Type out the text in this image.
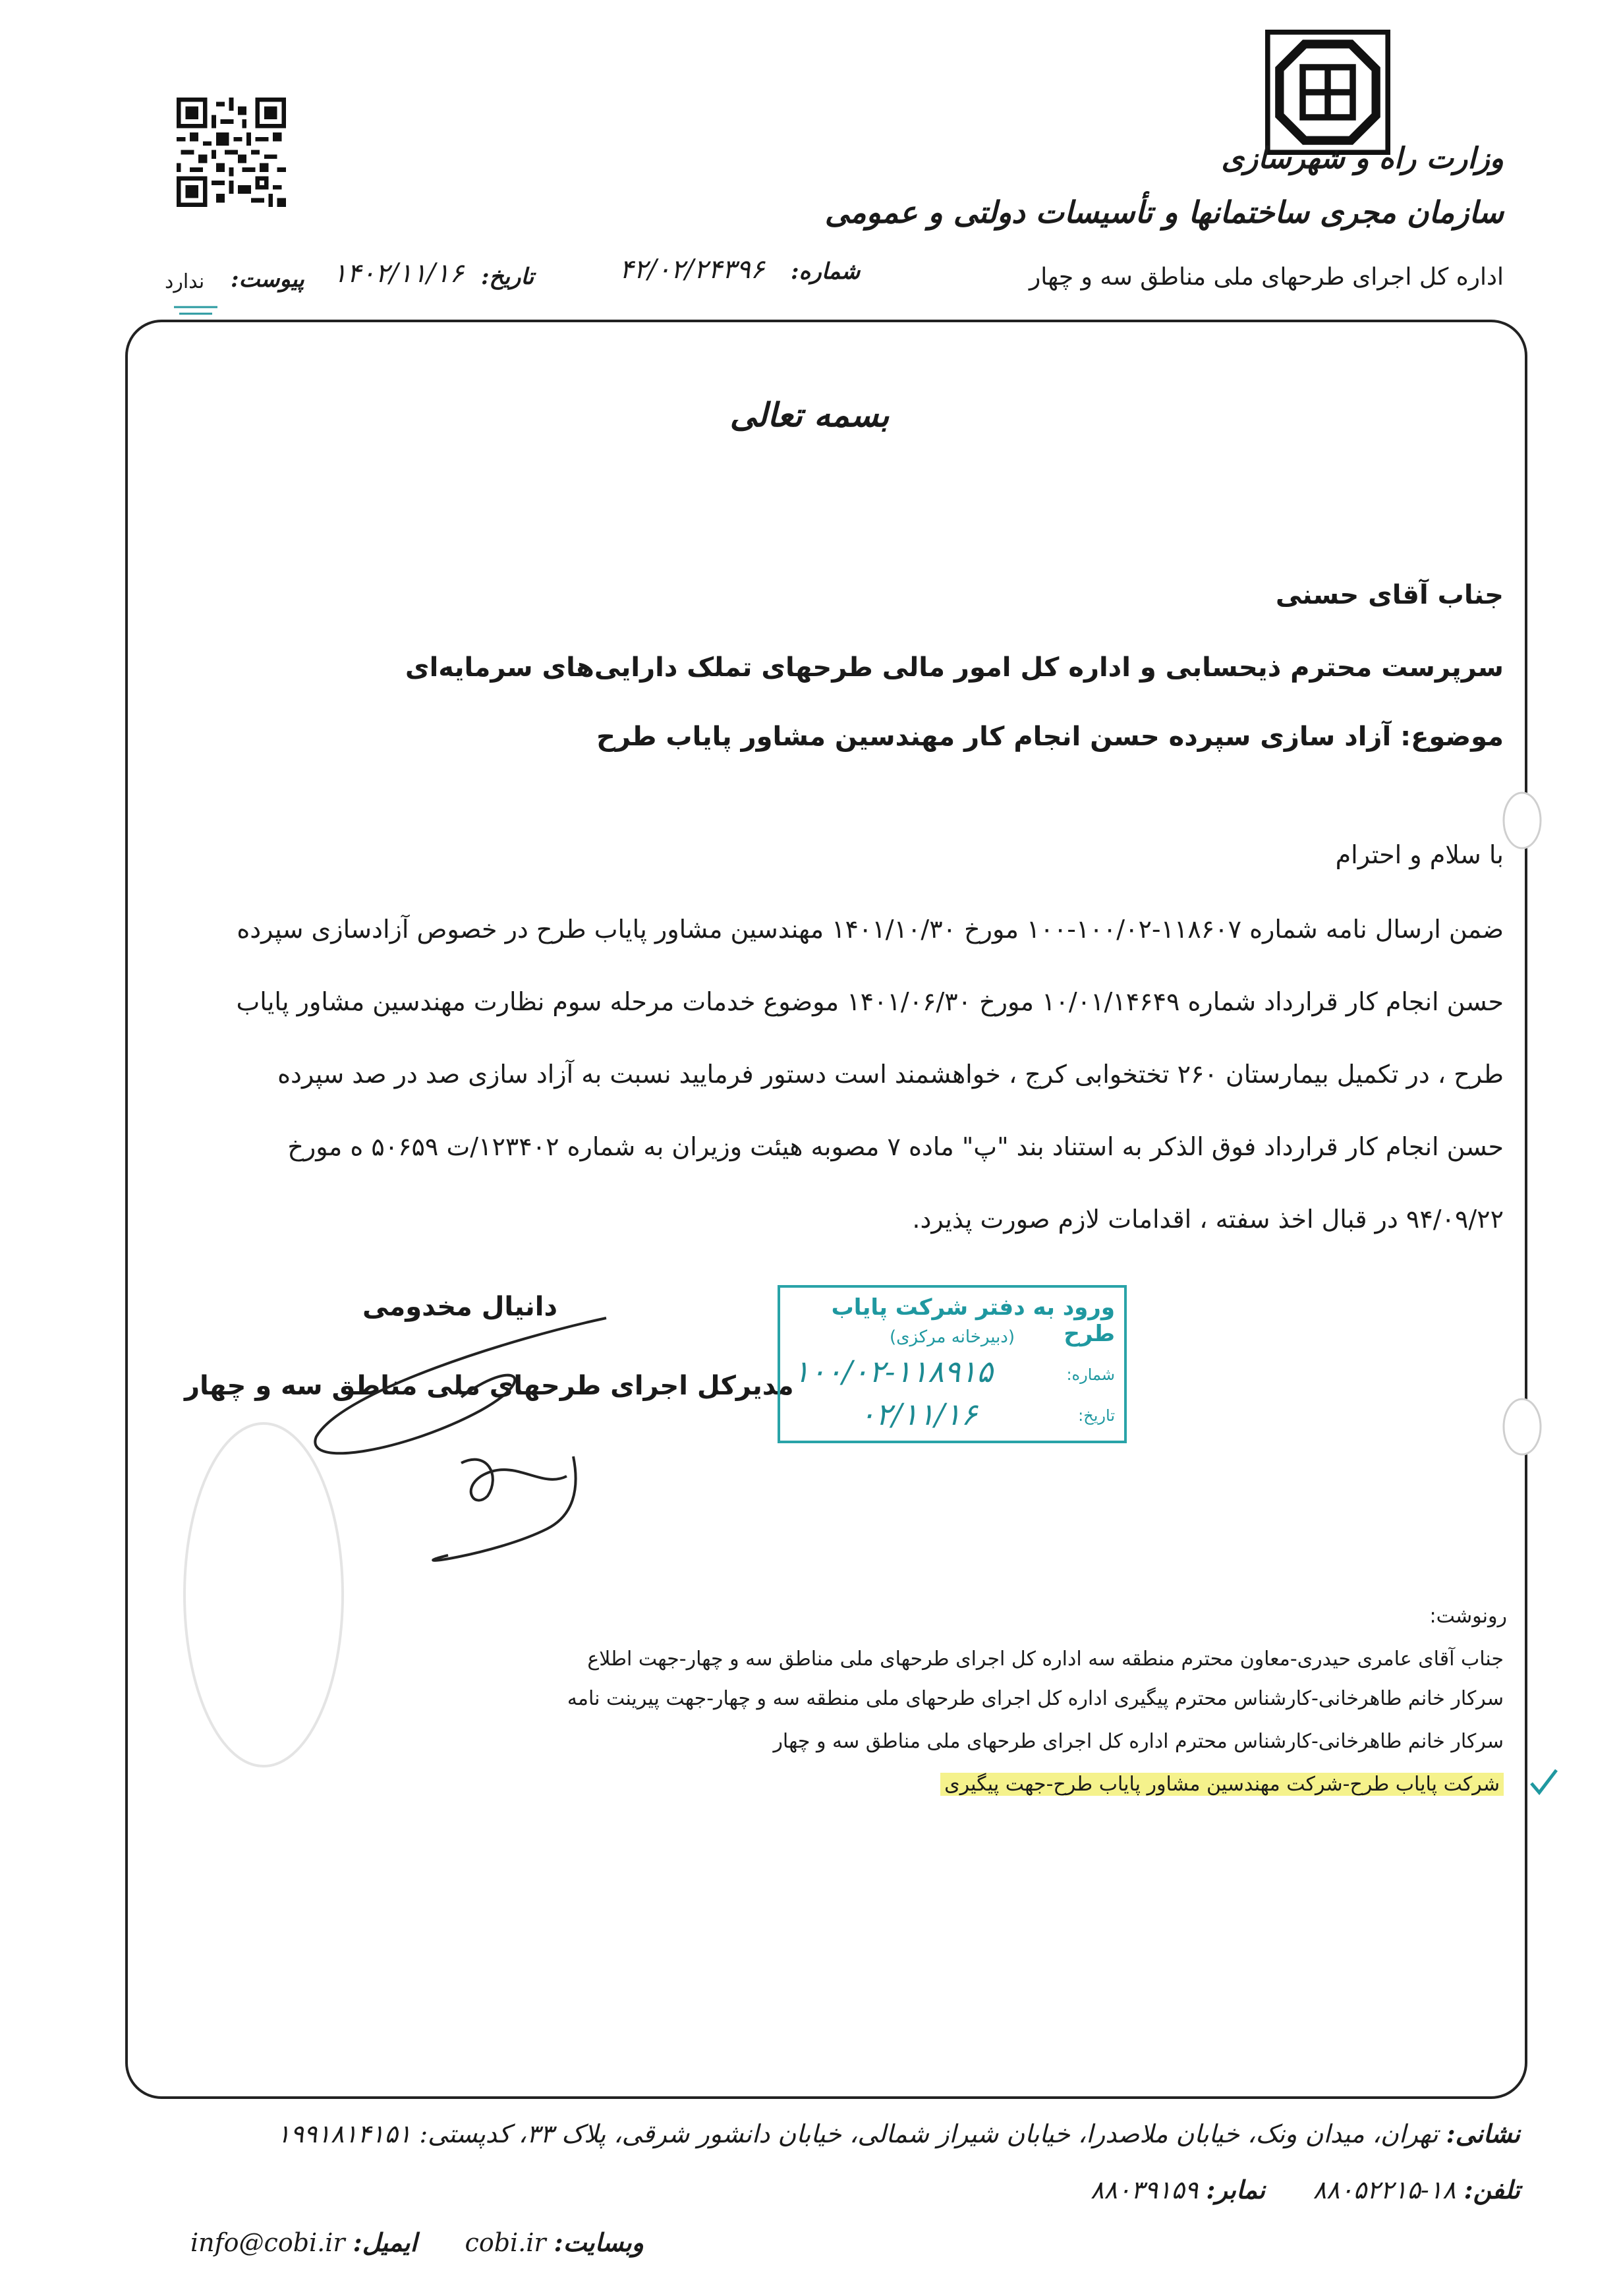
وزارت راه و شهرسازی
سازمان مجری ساختمانها و تأسیسات دولتی و عمومی
اداره کل اجرای طرحهای ملی مناطق سه و چهار
شماره:
۴۲/۰۲/۲۴۳۹۶
تاریخ:
۱۴۰۲/۱۱/۱۶
پیوست:
ندارد
بسمه تعالی
جناب آقای حسنی
سرپرست محترم ذیحسابی و اداره کل امور مالی طرحهای تملک دارایی‌های سرمایه‌ای
موضوع: آزاد سازی سپرده حسن انجام کار مهندسین مشاور پایاب طرح
با سلام و احترام

ضمن ارسال نامه شماره ۱۱۸۶۰۷-۱۰۰/۰۲-۱۰۰ مورخ ۱۴۰۱/۱۰/۳۰ مهندسین مشاور پایاب طرح در خصوص آزادسازی سپرده

حسن انجام کار قرارداد شماره ۱۰/۰۱/۱۴۶۴۹ مورخ ۱۴۰۱/۰۶/۳۰ موضوع خدمات مرحله سوم نظارت مهندسین مشاور پایاب

طرح ، در تکمیل بیمارستان ۲۶۰ تختخوابی کرج ، خواهشمند است دستور فرمایید نسبت به آزاد سازی صد در صد سپرده

حسن انجام کار قرارداد فوق الذکر به استناد بند "پ" ماده ۷ مصوبه هیئت وزیران به شماره ۱۲۳۴۰۲/ت ۵۰۶۵۹ ه مورخ

۹۴/۰۹/۲۲ در قبال اخذ سفته ، اقدامات لازم صورت پذیرد.

دانیال مخدومی
مدیرکل اجرای طرحهای ملی مناطق سه و چهار
ورود به دفتر شرکت پایاب طرح
(دبیرخانه مرکزی)
شماره:
۱۰۰/۰۲-۱۱۸۹۱۵
تاریخ:
۰۲/۱۱/۱۶
رونوشت:
جناب آقای عامری حیدری-معاون محترم منطقه سه اداره کل اجرای طرحهای ملی مناطق سه و چهار-جهت اطلاع
سرکار خانم طاهرخانی-کارشناس محترم پیگیری اداره کل اجرای طرحهای ملی منطقه سه و چهار-جهت پیرینت نامه
سرکار خانم طاهرخانی-کارشناس محترم اداره کل اجرای طرحهای ملی مناطق سه و چهار
شرکت پایاب طرح-شرکت مهندسین مشاور پایاب طرح-جهت پیگیری
نشانی: تهران، میدان ونک، خیابان ملاصدرا، خیابان شیراز شمالی، خیابان دانشور شرقی، پلاک ۳۳، کدپستی: ۱۹۹۱۸۱۴۱۵۱
تلفن: ۱۸-۸۸۰۵۲۲۱۵      نمابر: ۸۸۰۳۹۱۵۹
وبسایت: cobi.ir      ایمیل: info@cobi.ir
